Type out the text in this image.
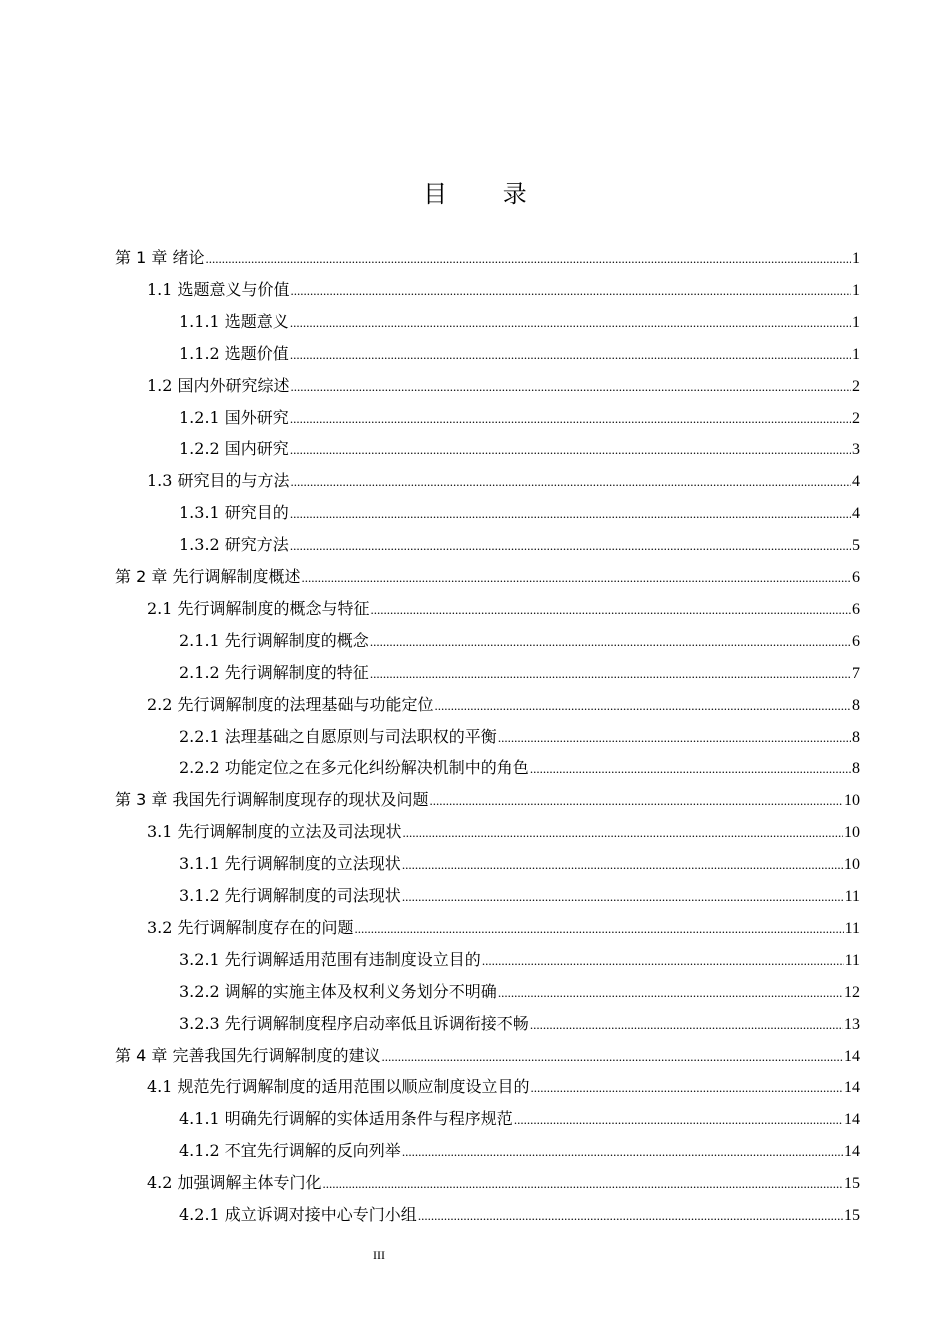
目 录
第 1 章 绪论 .....	1
1.1 选题意义与价值 .....	1
1.1.1 选题意义 .....	1
1.1.2 选题价值 .....	1
1.2 国内外研究综述 .....	2
1.2.1 国外研究 .....	2
1.2.2 国内研究 .....	3
1.3 研究目的与方法 .....	4
1.3.1 研究目的 .....	4
1.3.2 研究方法 .....	5
第 2 章 先行调解制度概述 .....	6
2.1 先行调解制度的概念与特征 .....	6
2.1.1 先行调解制度的概念 .....	6
2.1.2 先行调解制度的特征 .....	7
2.2 先行调解制度的法理基础与功能定位 .....	8
2.2.1 法理基础之自愿原则与司法职权的平衡 .....	8
2.2.2 功能定位之在多元化纠纷解决机制中的角色 .....	8
第 3 章 我国先行调解制度现存的现状及问题 .....	10
3.1 先行调解制度的立法及司法现状 .....	10
3.1.1 先行调解制度的立法现状 .....	10
3.1.2 先行调解制度的司法现状 .....	11
3.2 先行调解制度存在的问题 .....	11
3.2.1 先行调解适用范围有违制度设立目的 .....	11
3.2.2 调解的实施主体及权利义务划分不明确 .....	12
3.2.3 先行调解制度程序启动率低且诉调衔接不畅 .....	13
第 4 章 完善我国先行调解制度的建议 .....	14
4.1 规范先行调解制度的适用范围以顺应制度设立目的 .....	14
4.1.1 明确先行调解的实体适用条件与程序规范 .....	14
4.1.2 不宜先行调解的反向列举 .....	14
4.2 加强调解主体专门化 .....	15
4.2.1 成立诉调对接中心专门小组 .....	15
III
